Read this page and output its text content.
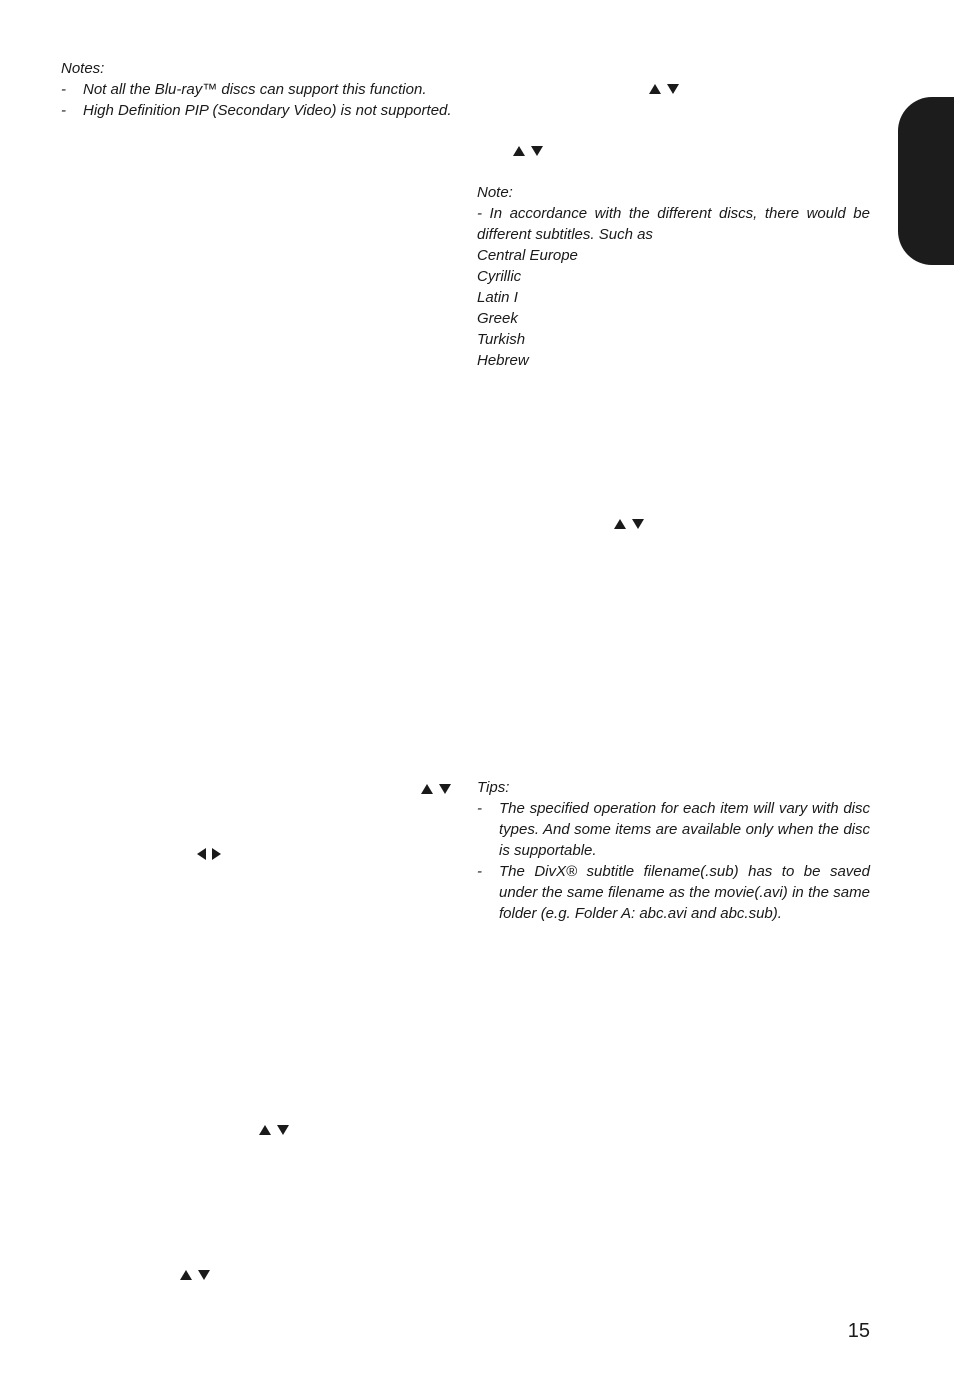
Notes:
- Not all the Blu-ray™ discs can support this function.
- High Definition PIP (Secondary Video) is not supported.
Note:
- In accordance with the different discs, there would be different subtitles. Such as
Central Europe
Cyrillic
Latin I
Greek
Turkish
Hebrew
Tips:
- The specified operation for each item will vary with disc types. And some items are available only when the disc is supportable.
- The DivX® subtitle filename(.sub) has to be saved under the same filename as the movie(.avi) in the same folder (e.g. Folder A: abc.avi and abc.sub).
15
